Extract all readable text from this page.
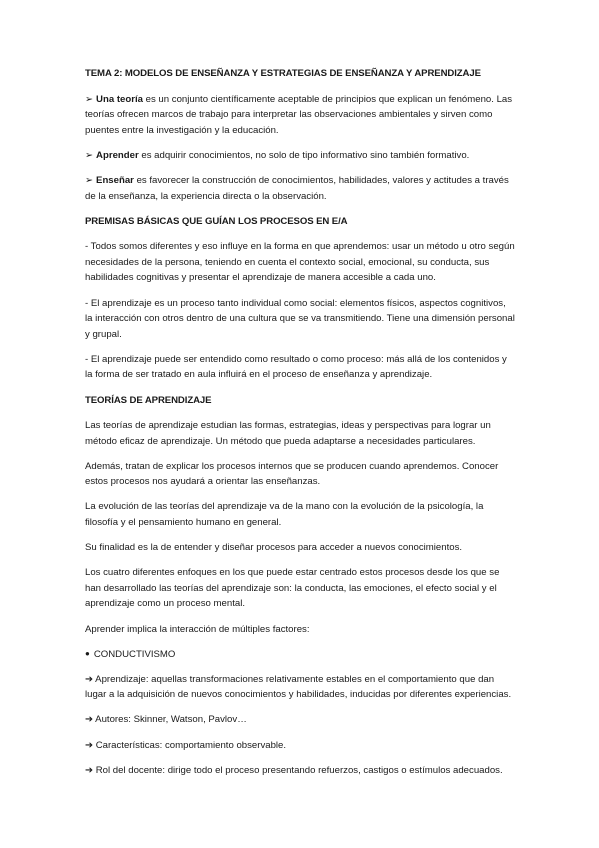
TEMA 2: MODELOS DE ENSEÑANZA Y ESTRATEGIAS DE ENSEÑANZA Y APRENDIZAJE
➢ Una teoría es un conjunto científicamente aceptable de principios que explican un fenómeno. Las teorías ofrecen marcos de trabajo para interpretar las observaciones ambientales y sirven como puentes entre la investigación y la educación.
➢ Aprender es adquirir conocimientos, no solo de tipo informativo sino también formativo.
➢ Enseñar es favorecer la construcción de conocimientos, habilidades, valores y actitudes a través de la enseñanza, la experiencia directa o la observación.
PREMISAS BÁSICAS QUE GUÍAN LOS PROCESOS EN E/A
- Todos somos diferentes y eso influye en la forma en que aprendemos: usar un método u otro según necesidades de la persona, teniendo en cuenta el contexto social, emocional, su conducta, sus habilidades cognitivas y presentar el aprendizaje de manera accesible a cada uno.
- El aprendizaje es un proceso tanto individual como social: elementos físicos, aspectos cognitivos, la interacción con otros dentro de una cultura que se va transmitiendo. Tiene una dimensión personal y grupal.
- El aprendizaje puede ser entendido como resultado o como proceso: más allá de los contenidos y la forma de ser tratado en aula influirá en el proceso de enseñanza y aprendizaje.
TEORÍAS DE APRENDIZAJE
Las teorías de aprendizaje estudian las formas, estrategias, ideas y perspectivas para lograr un método eficaz de aprendizaje. Un método que pueda adaptarse a necesidades particulares.
Además, tratan de explicar los procesos internos que se producen cuando aprendemos. Conocer estos procesos nos ayudará a orientar las enseñanzas.
La evolución de las teorías del aprendizaje va de la mano con la evolución de la psicología, la filosofía y el pensamiento humano en general.
Su finalidad es la de entender y diseñar procesos para acceder a nuevos conocimientos.
Los cuatro diferentes enfoques en los que puede estar centrado estos procesos desde los que se han desarrollado las teorías del aprendizaje son: la conducta, las emociones, el efecto social y el aprendizaje como un proceso mental.
Aprender implica la interacción de múltiples factores:
● CONDUCTIVISMO
➔ Aprendizaje: aquellas transformaciones relativamente estables en el comportamiento que dan lugar a la adquisición de nuevos conocimientos y habilidades, inducidas por diferentes experiencias.
➔ Autores: Skinner, Watson, Pavlov…
➔ Características: comportamiento observable.
➔ Rol del docente: dirige todo el proceso presentando refuerzos, castigos o estímulos adecuados.
